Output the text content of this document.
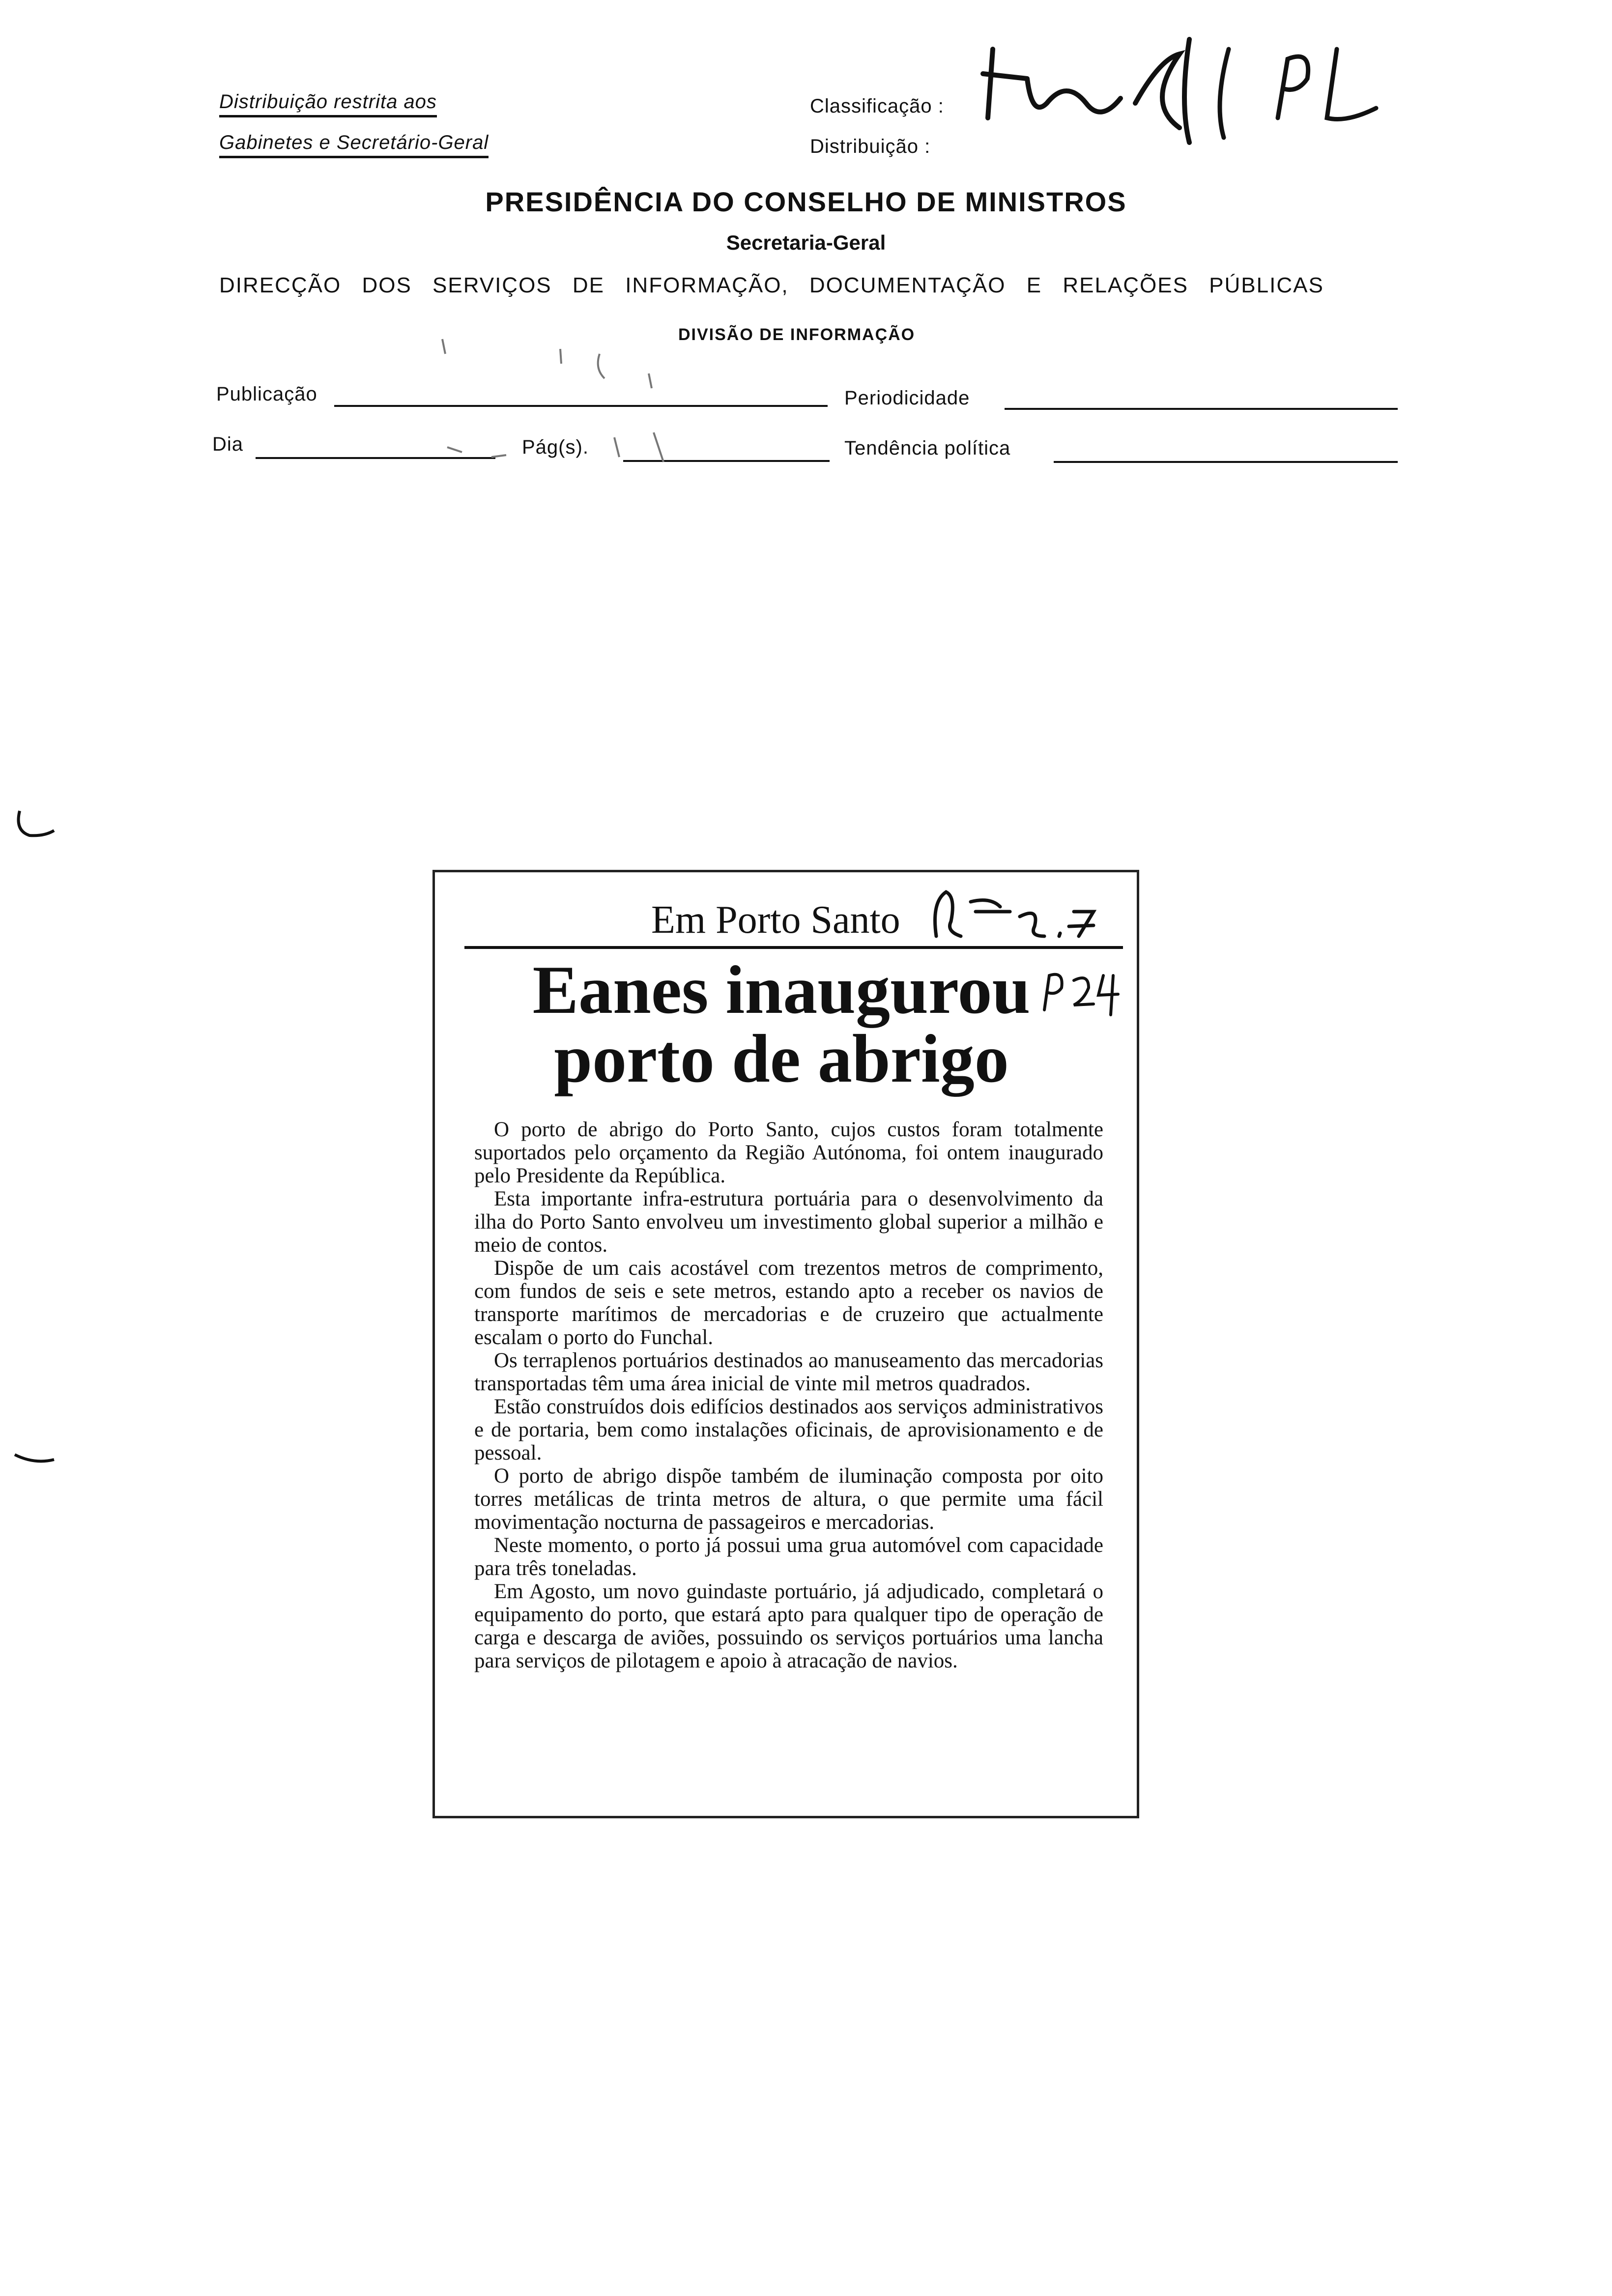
Distribuição restrita aos
Gabinetes e Secretário-Geral
Classificação :
Distribuição :
PRESIDÊNCIA DO CONSELHO DE MINISTROS
Secretaria-Geral
DIRECÇÃO DOS SERVIÇOS DE INFORMAÇÃO, DOCUMENTAÇÃO E RELAÇÕES PÚBLICAS
DIVISÃO DE INFORMAÇÃO
Publicação	Periodicidade
Dia	Pág(s).	Tendência política
Em Porto Santo
Eanes inaugurou
porto de abrigo

O porto de abrigo do Porto Santo, cujos custos foram totalmente suportados pelo orçamento da Região Autónoma, foi ontem inaugurado pelo Presidente da República.

Esta importante infra-estrutura portuária para o desenvolvimento da ilha do Porto Santo envolveu um investimento global superior a milhão e meio de contos.

Dispõe de um cais acostável com trezentos metros de comprimento, com fundos de seis e sete metros, estando apto a receber os navios de transporte marítimos de mercadorias e de cruzeiro que actualmente escalam o porto do Funchal.

Os terraplenos portuários destinados ao manuseamento das mercadorias transportadas têm uma área inicial de vinte mil metros quadrados.

Estão construídos dois edifícios destinados aos serviços administrativos e de portaria, bem como instalações oficinais, de aprovisionamento e de pessoal.

O porto de abrigo dispõe também de iluminação composta por oito torres metálicas de trinta metros de altura, o que permite uma fácil movimentação nocturna de passageiros e mercadorias.

Neste momento, o porto já possui uma grua automóvel com capacidade para três toneladas.

Em Agosto, um novo guindaste portuário, já adjudicado, completará o equipamento do porto, que estará apto para qualquer tipo de operação de carga e descarga de aviões, possuindo os serviços portuários uma lancha para serviços de pilotagem e apoio à atracação de navios.
